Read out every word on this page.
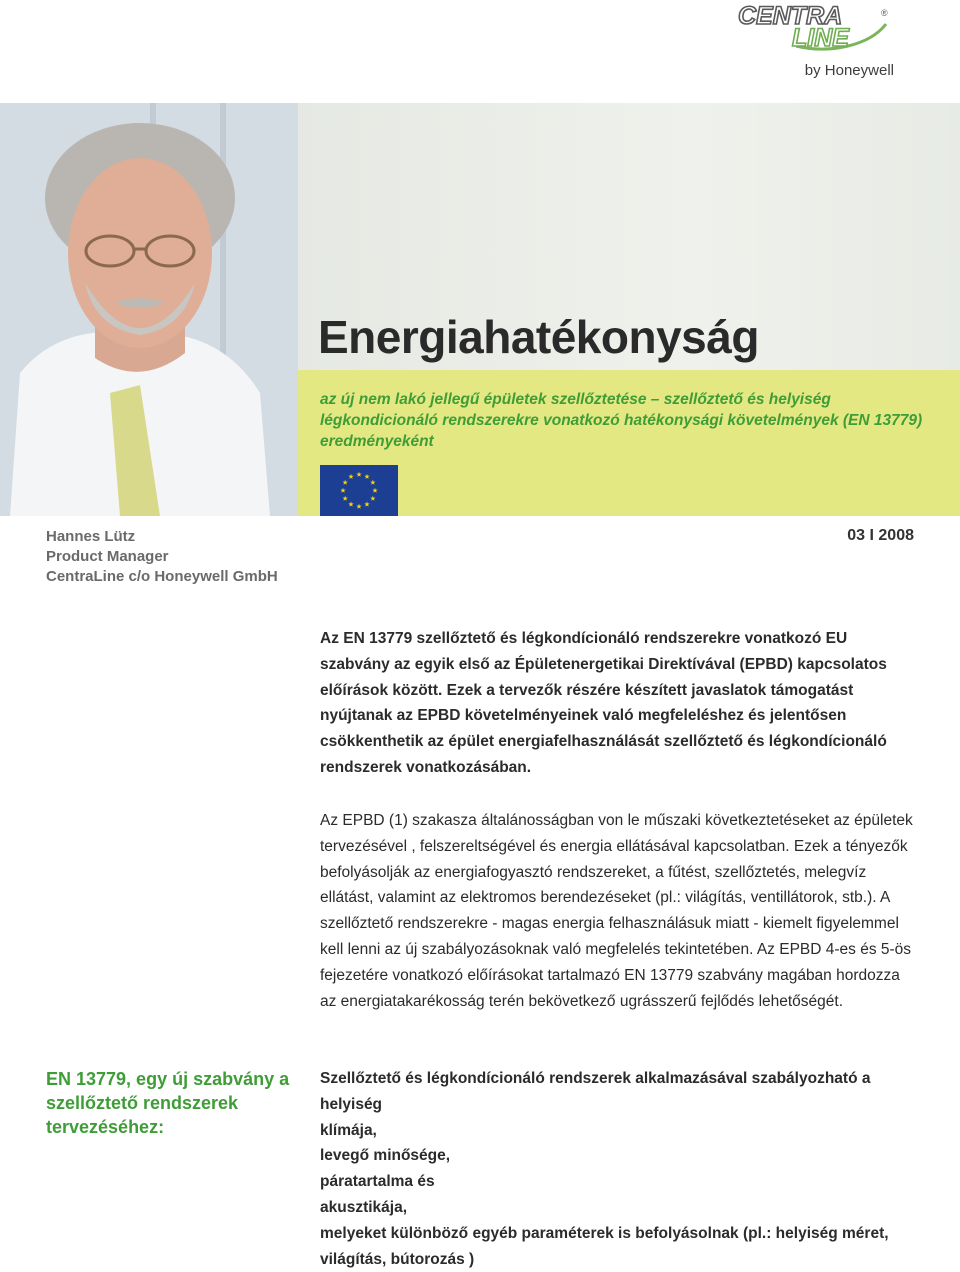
CENTRA
LINE
®
by Honeywell
Energiahatékonyság
az új nem lakó jellegű épületek szellőztetése – szellőztető és helyiség légkondicionáló rendszerekre vonatkozó hatékonysági követelmények (EN 13779) eredményeként
Hannes Lütz
Product Manager
CentraLine c/o Honeywell GmbH
03 I 2008
Az EN 13779 szellőztető és légkondícionáló rendszerekre vonatkozó EU szabvány az egyik első az Épületenergetikai Direktívával (EPBD) kapcsolatos előírások között. Ezek a tervezők részére készített javaslatok támogatást nyújtanak az EPBD követelményeinek való megfeleléshez és jelentősen csökkenthetik az épület energiafelhasználását szellőztető és légkondícionáló rendszerek vonatkozásában.
Az EPBD (1) szakasza általánosságban von le műszaki következtetéseket az épületek tervezésével , felszereltségével és energia ellátásával kapcsolatban. Ezek a tényezők befolyásolják az energiafogyasztó rendszereket, a fűtést, szellőztetés, melegvíz ellátást, valamint az elektromos berendezéseket (pl.: világítás, ventillátorok, stb.). A szellőztető rendszerekre - magas energia felhasználásuk miatt - kiemelt figyelemmel kell lenni az új szabályozásoknak való megfelelés tekintetében. Az EPBD 4-es és 5-ös fejezetére vonatkozó előírásokat tartalmazó EN 13779 szabvány magában hordozza az energiatakarékosság terén bekövetkező ugrásszerű fejlődés lehetőségét.
EN 13779, egy új szabvány a szellőztető rendszerek tervezéséhez:
Szellőztető és légkondícionáló rendszerek alkalmazásával szabályozható a
helyiség
klímája,
levegő minősége,
páratartalma és
akusztikája,
melyeket különböző egyéb paraméterek is befolyásolnak (pl.: helyiség méret,
világítás, bútorozás )
